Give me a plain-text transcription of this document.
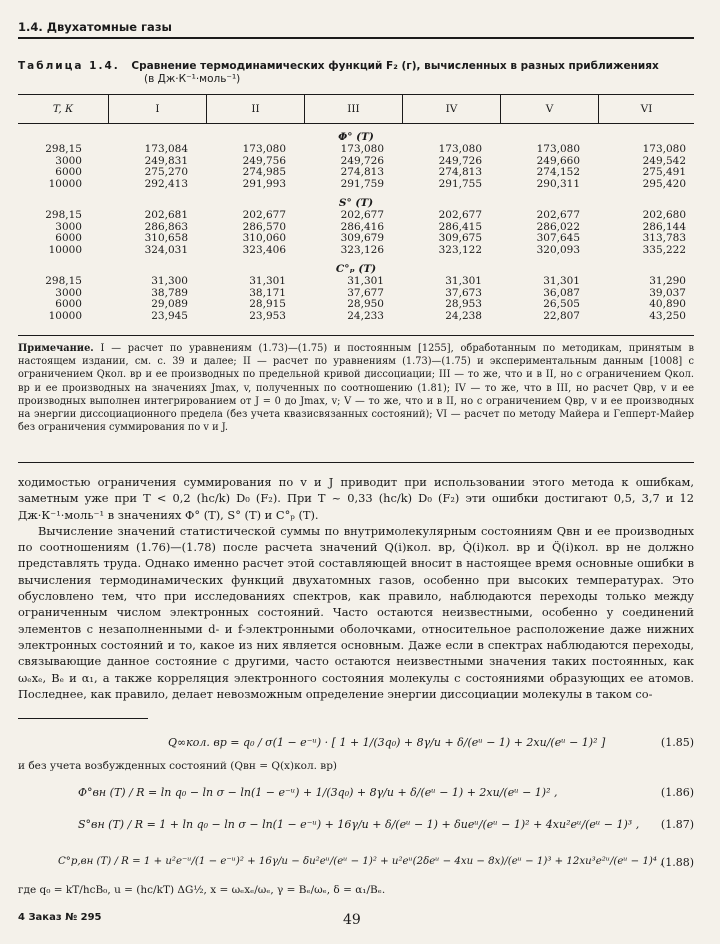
1.4. Двухатомные газы
Таблица 1.4. Сравнение термодинамических функций F₂ (г), вычисленных в разных приближениях
(в Дж·К⁻¹·моль⁻¹)
T, К	I	II	III	IV	V	VI
Φ° (T)
298,15	173,084	173,080	173,080	173,080	173,080	173,080
3000	249,831	249,756	249,726	249,726	249,660	249,542
6000	275,270	274,985	274,813	274,813	274,152	275,491
10000	292,413	291,993	291,759	291,755	290,311	295,420
S° (T)
298,15	202,681	202,677	202,677	202,677	202,677	202,680
3000	286,863	286,570	286,416	286,415	286,022	286,144
6000	310,658	310,060	309,679	309,675	307,645	313,783
10000	324,031	323,406	323,126	323,122	320,093	335,222
C°ₚ (T)
298,15	31,300	31,301	31,301	31,301	31,301	31,290
3000	38,789	38,171	37,677	37,673	36,087	39,037
6000	29,089	28,915	28,950	28,953	26,505	40,890
10000	23,945	23,953	24,233	24,238	22,807	43,250
Примечание. I — расчет по уравнениям (1.73)—(1.75) и постоянным [1255], обработанным по методикам, принятым в настоящем издании, см. с. 39 и далее; II — расчет по уравнениям (1.73)—(1.75) и экспериментальным данным [1008] с ограничением Qкол. вр и ее производных по предельной кривой диссоциации; III — то же, что и в II, но с ограничением Qкол. вр и ее производных на значениях Jmax, v, полученных по соотношению (1.81); IV — то же, что в III, но расчет Qвр, v и ее производных выполнен интегрированием от J = 0 до Jmax, v; V — то же, что и в II, но с ограничением Qвр, v и ее производных на энергии диссоциационного предела (без учета квазисвязанных состояний); VI — расчет по методу Майера и Гепперт-Майер без ограничения суммирования по v и J.

ходимостью ограничения суммирования по v и J приводит при использовании этого метода к ошибкам, заметным уже при T < 0,2 (hc/k) D₀ (F₂). При T ~ 0,33 (hc/k) D₀ (F₂) эти ошибки достигают 0,5, 3,7 и 12 Дж·К⁻¹·моль⁻¹ в значениях Φ° (T), S° (T) и C°ₚ (T).

Вычисление значений статистической суммы по внутримолекулярным состояниям Qвн и ее производных по соотношениям (1.76)—(1.78) после расчета значений Q(i)кол. вр, Q̇(i)кол. вр и Q̈(i)кол. вр не должно представлять труда. Однако именно расчет этой составляющей вносит в настоящее время основные ошибки в вычисления термодинамических функций двухатомных газов, особенно при высоких температурах. Это обусловлено тем, что при исследованиях спектров, как правило, наблюдаются переходы только между ограниченным числом электронных состояний. Часто остаются неизвестными, особенно у соединений элементов с незаполненными d- и f-электронными оболочками, относительное расположение даже нижних электронных состояний и то, какое из них является основным. Даже если в спектрах наблюдаются переходы, связывающие данное состояние с другими, часто остаются неизвестными значения таких постоянных, как ωₑxₑ, Bₑ и α₁, а также корреляция электронного состояния молекулы с состояниями образующих ее атомов. Последнее, как правило, делает невозможным определение энергии диссоциации молекулы в таком со-

Q∞кол. вр = q₀ / σ(1 − e⁻ᵘ) · [ 1 + 1/(3q₀) + 8γ/u + δ/(eᵘ − 1) + 2xu/(eᵘ − 1)² ]	(1.85)
и без учета возбужденных состояний (Qвн = Q(x)кол. вр)
Φ°вн (T) / R = ln q₀ − ln σ − ln(1 − e⁻ᵘ) + 1/(3q₀) + 8γ/u + δ/(eᵘ − 1) + 2xu/(eᵘ − 1)² ,	(1.86)
S°вн (T) / R = 1 + ln q₀ − ln σ − ln(1 − e⁻ᵘ) + 16γ/u + δ/(eᵘ − 1) + δueᵘ/(eᵘ − 1)² + 4xu²eᵘ/(eᵘ − 1)³ , (1.87)
C°p,вн (T) / R = 1 + u²e⁻ᵘ/(1 − e⁻ᵘ)² + 16γ/u − δu²eᵘ/(eᵘ − 1)² + u²eᵘ(2δeᵘ − 4xu − 8x)/(eᵘ − 1)³ + 12xu³e²ᵘ/(eᵘ − 1)⁴ ,
(1.88)
где q₀ = kT/hcB₀, u = (hc/kT) ΔG½, x = ωₑxₑ/ωₑ, γ = Bₑ/ωₑ, δ = α₁/Bₑ.
4 Заказ № 295	49
